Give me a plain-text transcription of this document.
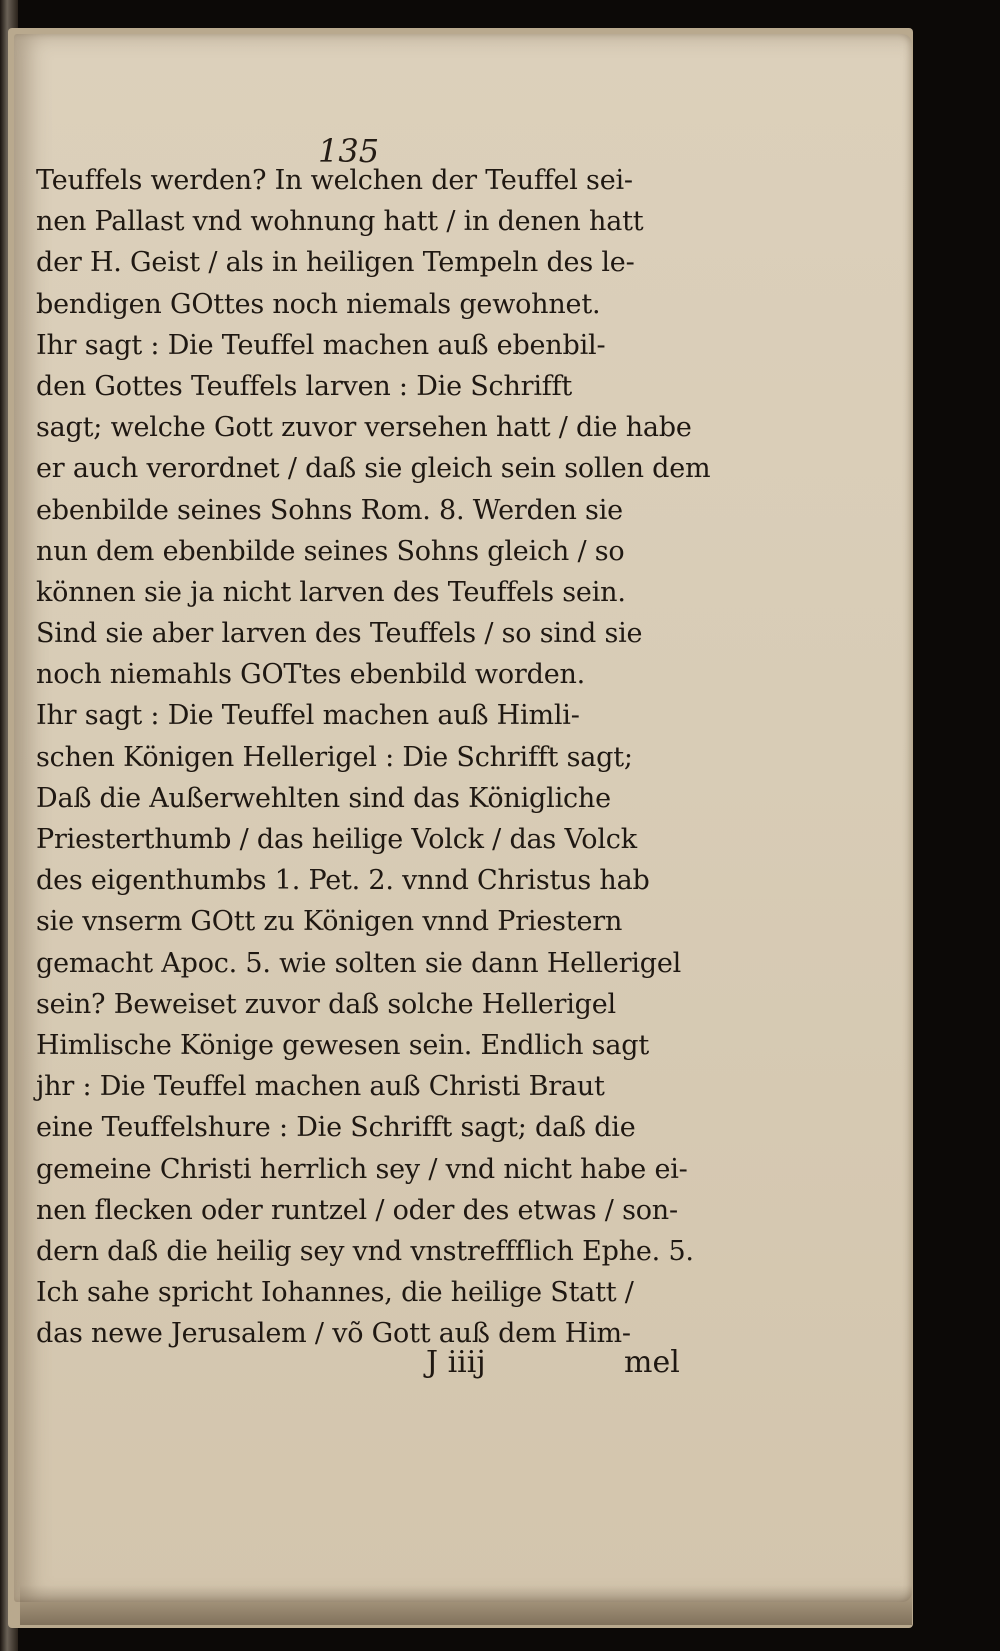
135
Teuffels werden? In welchen der Teuffel sei-
nen Pallast vnd wohnung hatt / in denen hatt
der H. Geist / als in heiligen Tempeln des le-
bendigen GOttes noch niemals gewohnet.
Ihr sagt : Die Teuffel machen auß ebenbil-
den Gottes Teuffels larven : Die Schrifft
sagt; welche Gott zuvor versehen hatt / die habe
er auch verordnet / daß sie gleich sein sollen dem
ebenbilde seines Sohns Rom. 8. Werden sie
nun dem ebenbilde seines Sohns gleich / so
können sie ja nicht larven des Teuffels sein.
Sind sie aber larven des Teuffels / so sind sie
noch niemahls GOTtes ebenbild worden.
Ihr sagt : Die Teuffel machen auß Himli-
schen Königen Hellerigel : Die Schrifft sagt;
Daß die Außerwehlten sind das Königliche
Priesterthumb / das heilige Volck / das Volck
des eigenthumbs 1. Pet. 2. vnnd Christus hab
sie vnserm GOtt zu Königen vnnd Priestern
gemacht Apoc. 5. wie solten sie dann Hellerigel
sein? Beweiset zuvor daß solche Hellerigel
Himlische Könige gewesen sein. Endlich sagt
jhr : Die Teuffel machen auß Christi Braut
eine Teuffelshure : Die Schrifft sagt; daß die
gemeine Christi herrlich sey / vnd nicht habe ei-
nen flecken oder runtzel / oder des etwas / son-
dern daß die heilig sey vnd vnstreffflich Ephe. 5.
Ich sahe spricht Iohannes, die heilige Statt /
das newe Jerusalem / võ Gott auß dem Him-
J iiij	mel
